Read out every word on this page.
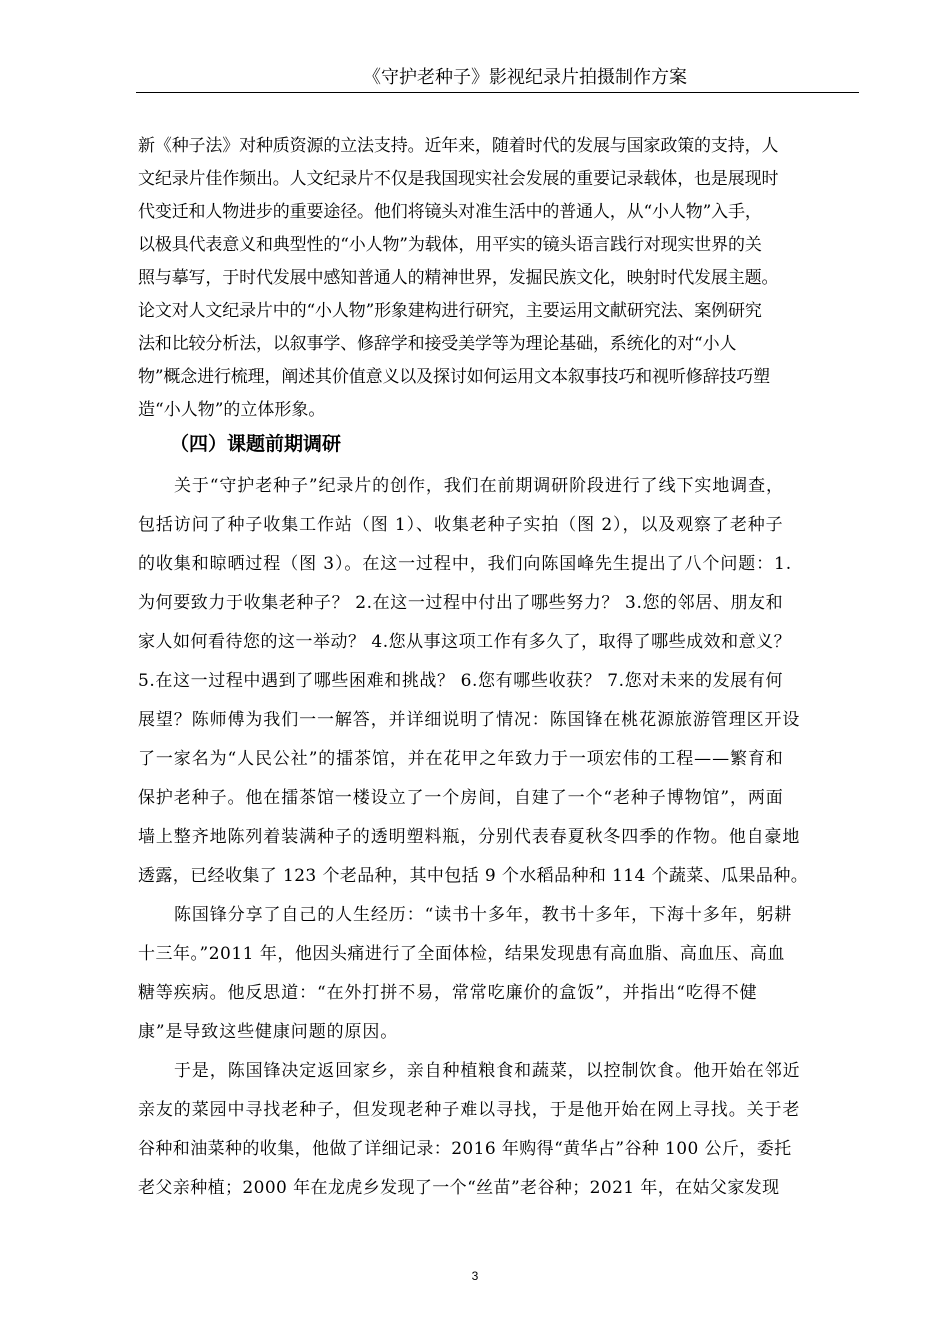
《守护老种子》影视纪录片拍摄制作方案
新《种子法》对种质资源的立法支持。近年来，随着时代的发展与国家政策的支持，人
文纪录片佳作频出。人文纪录片不仅是我国现实社会发展的重要记录载体，也是展现时
代变迁和人物进步的重要途径。他们将镜头对准生活中的普通人，从“小人物”入手，
以极具代表意义和典型性的“小人物”为载体，用平实的镜头语言践行对现实世界的关
照与摹写，于时代发展中感知普通人的精神世界，发掘民族文化，映射时代发展主题。
论文对人文纪录片中的“小人物”形象建构进行研究，主要运用文献研究法、案例研究
法和比较分析法，以叙事学、修辞学和接受美学等为理论基础，系统化的对“小人
物”概念进行梳理，阐述其价值意义以及探讨如何运用文本叙事技巧和视听修辞技巧塑
造“小人物”的立体形象。
（四）课题前期调研
关于“守护老种子”纪录片的创作，我们在前期调研阶段进行了线下实地调查，
包括访问了种子收集工作站（图 1）、收集老种子实拍（图 2），以及观察了老种子
的收集和晾晒过程（图 3）。在这一过程中，我们向陈国峰先生提出了八个问题：1.
为何要致力于收集老种子？ 2.在这一过程中付出了哪些努力？ 3.您的邻居、朋友和
家人如何看待您的这一举动？ 4.您从事这项工作有多久了，取得了哪些成效和意义？
5.在这一过程中遇到了哪些困难和挑战？ 6.您有哪些收获？ 7.您对未来的发展有何
展望？陈师傅为我们一一解答，并详细说明了情况：陈国锋在桃花源旅游管理区开设
了一家名为“人民公社”的擂茶馆，并在花甲之年致力于一项宏伟的工程——繁育和
保护老种子。他在擂茶馆一楼设立了一个房间，自建了一个“老种子博物馆”，两面
墙上整齐地陈列着装满种子的透明塑料瓶，分别代表春夏秋冬四季的作物。他自豪地
透露，已经收集了 123 个老品种，其中包括 9 个水稻品种和 114 个蔬菜、瓜果品种。
陈国锋分享了自己的人生经历：“读书十多年，教书十多年，下海十多年，躬耕
十三年。”2011 年，他因头痛进行了全面体检，结果发现患有高血脂、高血压、高血
糖等疾病。他反思道：“在外打拼不易，常常吃廉价的盒饭”，并指出“吃得不健
康”是导致这些健康问题的原因。
于是，陈国锋决定返回家乡，亲自种植粮食和蔬菜，以控制饮食。他开始在邻近
亲友的菜园中寻找老种子，但发现老种子难以寻找，于是他开始在网上寻找。关于老
谷种和油菜种的收集，他做了详细记录：2016 年购得“黄华占”谷种 100 公斤，委托
老父亲种植；2000 年在龙虎乡发现了一个“丝苗”老谷种；2021 年，在姑父家发现
3
